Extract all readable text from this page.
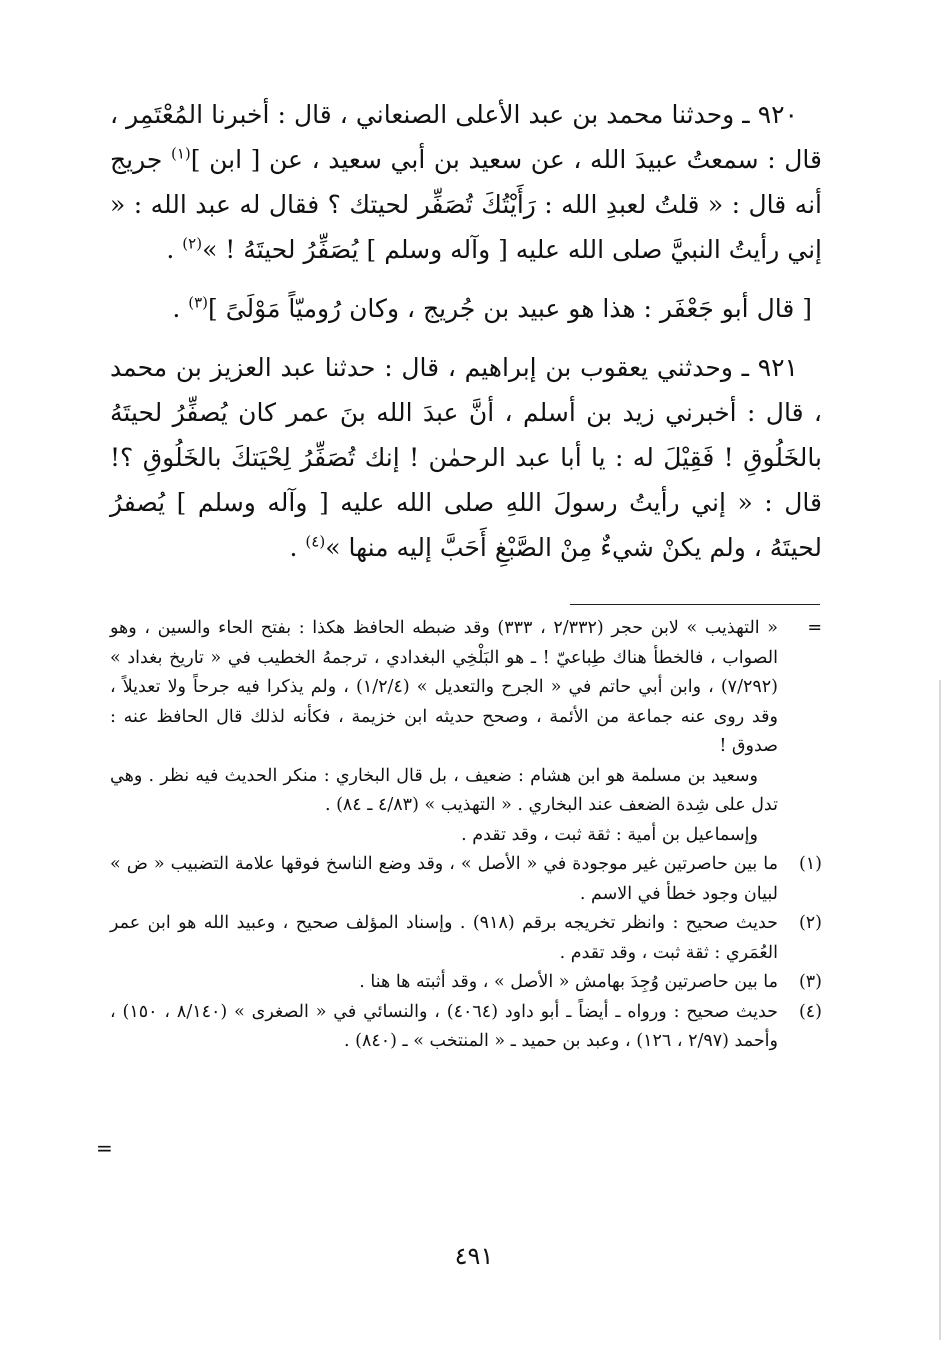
٩٢٠ ـ وحدثنا محمد بن عبد الأعلى الصنعاني ، قال : أخبرنا المُعْتَمِر ، قال : سمعتُ عبيدَ الله ، عن سعيد بن أبي سعيد ، عن [ ابن ]$^{(١)}$ جريج أنه قال : « قلتُ لعبدِ الله : رَأَيْتُكَ تُصَفِّر لحيتك ؟ فقال له عبد الله : « إني رأيتُ النبيَّ صلى الله عليه [ وآله وسلم ] يُصَفِّرُ لحيتَهُ ! »$^{(٢)}$ .

[ قال أبو جَعْفَر : هذا هو عبيد بن جُريج ، وكان رُوميّاً مَوْلَىً ]$^{(٣)}$ .

٩٢١ ـ وحدثني يعقوب بن إبراهيم ، قال : حدثنا عبد العزيز بن محمد ، قال : أخبرني زيد بن أسلم ، أنَّ عبدَ الله بنَ عمر كان يُصفِّرُ لحيتَهُ بالخَلُوقِ ! فَقِيْلَ له : يا أبا عبد الرحمٰن ! إنك تُصَفِّرُ لِحْيَتكَ بالخَلُوقِ ؟! قال : « إني رأيتُ رسولَ اللهِ صلى الله عليه [ وآله وسلم ] يُصفرُ لحيتَهُ ، ولم يكنْ شيءٌ مِنْ الصَّبْغِ أَحَبَّ إليه منها »$^{(٤)}$ .

=« التهذيب » لابن حجر (٢/٣٣٢ ، ٣٣٣) وقد ضبطه الحافظ هكذا : بفتح الحاء والسين ، وهو الصواب ، فالخطأ هناك طِباعيّ ! ـ هو البَلْخِي البغدادي ، ترجمهُ الخطيب في « تاريخ بغداد » (٧/٢٩٢) ، وابن أبي حاتم في « الجرح والتعديل » (١/٢/٤) ، ولم يذكرا فيه جرحاً ولا تعديلاً ، وقد روى عنه جماعة من الأئمة ، وصحح حديثه ابن خزيمة ، فكأنه لذلك قال الحافظ عنه : صدوق !

وسعيد بن مسلمة هو ابن هشام : ضعيف ، بل قال البخاري : منكر الحديث فيه نظر . وهي تدل على شِدة الضعف عند البخاري . « التهذيب » (٤/٨٣ ـ ٨٤) .

وإسماعيل بن أمية : ثقة ثبت ، وقد تقدم .

(١)
ما بين حاصرتين غير موجودة في « الأصل » ، وقد وضع الناسخ فوقها علامة التضبيب « ض » لبيان وجود خطأ في الاسم .
(٢)
حديث صحيح : وانظر تخريجه برقم (٩١٨) . وإسناد المؤلف صحيح ، وعبيد الله هو ابن عمر العُمَري : ثقة ثبت ، وقد تقدم .
(٣)
ما بين حاصرتين وُجِدَ بهامش « الأصل » ، وقد أثبته ها هنا .
(٤)
حديث صحيح : ورواه ـ أيضاً ـ أبو داود (٤٠٦٤) ، والنسائي في « الصغرى » (٨/١٤٠ ، ١٥٠) ، وأحمد (٢/٩٧ ، ١٢٦) ، وعبد بن حميد ـ « المنتخب » ـ (٨٤٠) .
=
٤٩١
